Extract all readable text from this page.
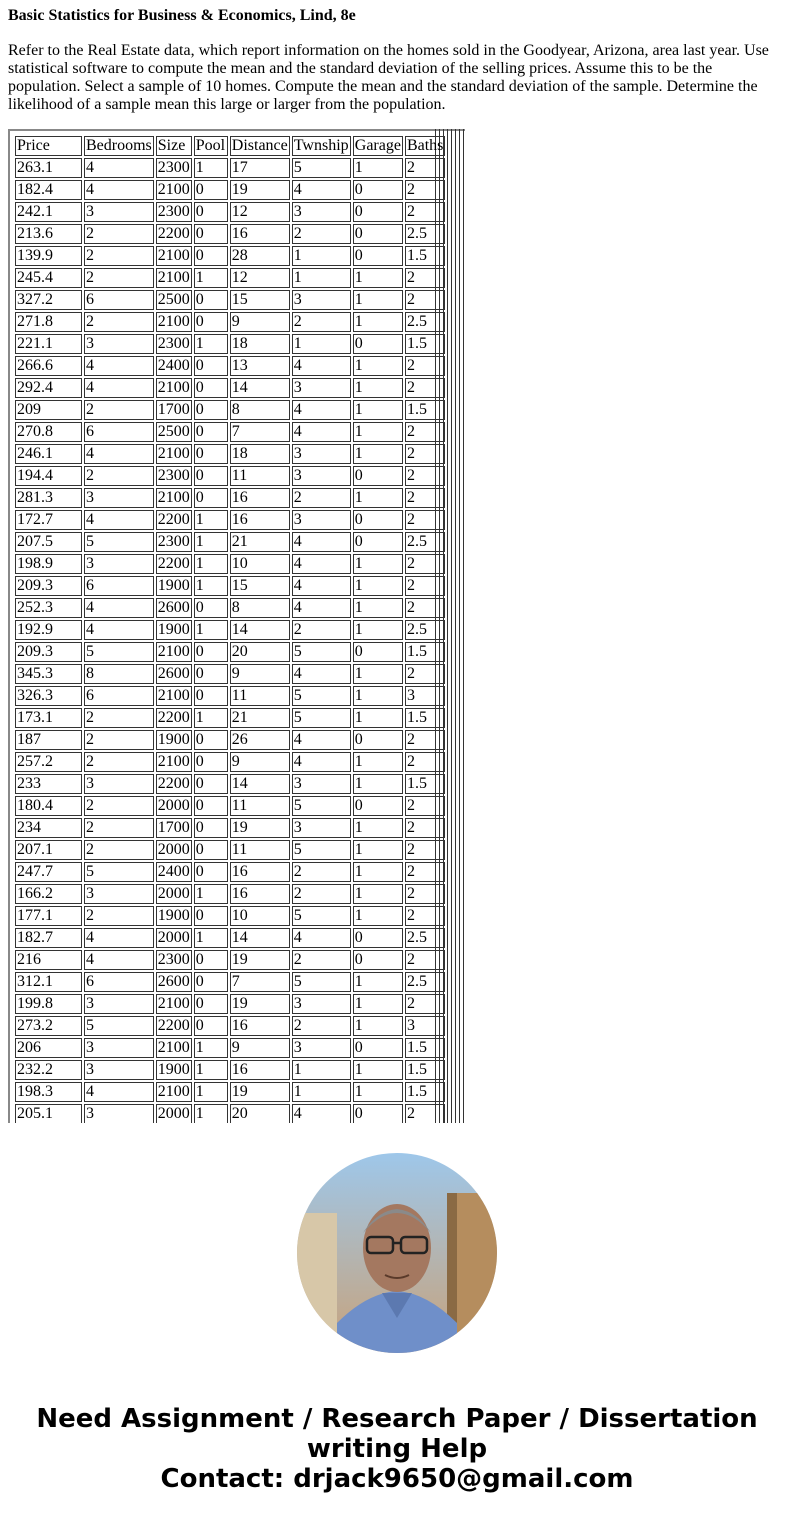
Basic Statistics for Business & Economics, Lind, 8e

Refer to the Real Estate data, which report information on the homes sold in the Goodyear, Arizona, area last year. Use statistical software to compute the mean and the standard deviation of the selling prices. Assume this to be the population. Select a sample of 10 homes. Compute the mean and the standard deviation of the sample. Determine the likelihood of a sample mean this large or larger from the population.

Price	Bedrooms	Size	Pool	Distance	Twnship	Garage	Baths
263.1	4	2300	1	17	5	1	2
182.4	4	2100	0	19	4	0	2
242.1	3	2300	0	12	3	0	2
213.6	2	2200	0	16	2	0	2.5
139.9	2	2100	0	28	1	0	1.5
245.4	2	2100	1	12	1	1	2
327.2	6	2500	0	15	3	1	2
271.8	2	2100	0	9	2	1	2.5
221.1	3	2300	1	18	1	0	1.5
266.6	4	2400	0	13	4	1	2
292.4	4	2100	0	14	3	1	2
209	2	1700	0	8	4	1	1.5
270.8	6	2500	0	7	4	1	2
246.1	4	2100	0	18	3	1	2
194.4	2	2300	0	11	3	0	2
281.3	3	2100	0	16	2	1	2
172.7	4	2200	1	16	3	0	2
207.5	5	2300	1	21	4	0	2.5
198.9	3	2200	1	10	4	1	2
209.3	6	1900	1	15	4	1	2
252.3	4	2600	0	8	4	1	2
192.9	4	1900	1	14	2	1	2.5
209.3	5	2100	0	20	5	0	1.5
345.3	8	2600	0	9	4	1	2
326.3	6	2100	0	11	5	1	3
173.1	2	2200	1	21	5	1	1.5
187	2	1900	0	26	4	0	2
257.2	2	2100	0	9	4	1	2
233	3	2200	0	14	3	1	1.5
180.4	2	2000	0	11	5	0	2
234	2	1700	0	19	3	1	2
207.1	2	2000	0	11	5	1	2
247.7	5	2400	0	16	2	1	2
166.2	3	2000	1	16	2	1	2
177.1	2	1900	0	10	5	1	2
182.7	4	2000	1	14	4	0	2.5
216	4	2300	0	19	2	0	2
312.1	6	2600	0	7	5	1	2.5
199.8	3	2100	0	19	3	1	2
273.2	5	2200	0	16	2	1	3
206	3	2100	1	9	3	0	1.5
232.2	3	1900	1	16	1	1	1.5
198.3	4	2100	1	19	1	1	1.5
205.1	3	2000	1	20	4	0	2

Need Assignment / Research Paper / Dissertation
writing Help
Contact: drjack9650@gmail.com
